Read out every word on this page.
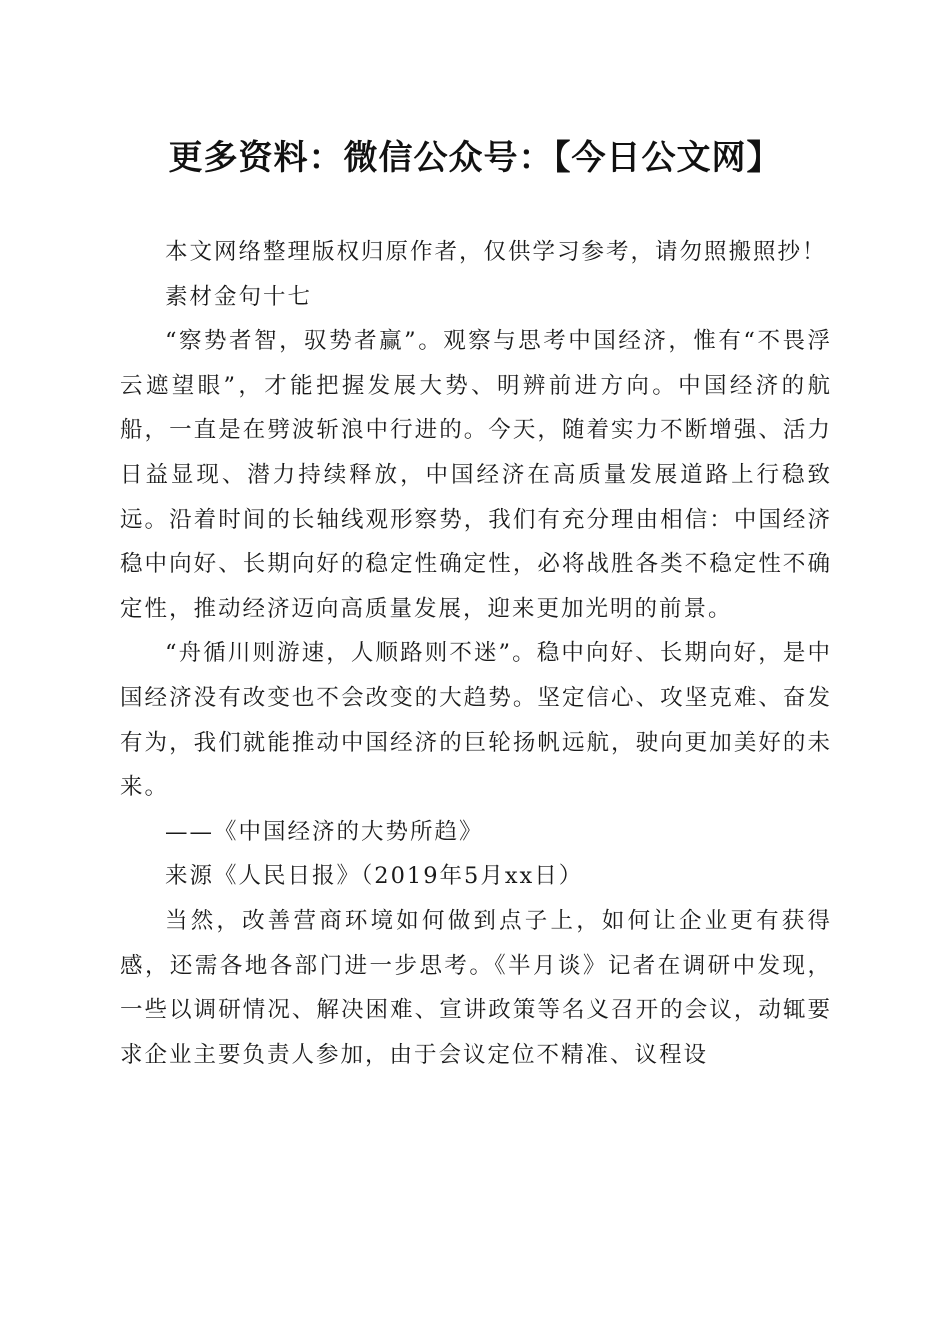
更多资料：微信公众号：【今日公文网】

本文网络整理版权归原作者，仅供学习参考，请勿照搬照抄！

素材金句十七

“察势者智，驭势者赢”。观察与思考中国经济，惟有“不畏浮云遮望眼”，才能把握发展大势、明辨前进方向。中国经济的航船，一直是在劈波斩浪中行进的。今天，随着实力不断增强、活力日益显现、潜力持续释放，中国经济在高质量发展道路上行稳致远。沿着时间的长轴线观形察势，我们有充分理由相信：中国经济稳中向好、长期向好的稳定性确定性，必将战胜各类不稳定性不确定性，推动经济迈向高质量发展，迎来更加光明的前景。

“舟循川则游速，人顺路则不迷”。稳中向好、长期向好，是中国经济没有改变也不会改变的大趋势。坚定信心、攻坚克难、奋发有为，我们就能推动中国经济的巨轮扬帆远航，驶向更加美好的未来。

——《中国经济的大势所趋》

来源《人民日报》（2019年5月xx日）

当然，改善营商环境如何做到点子上，如何让企业更有获得感，还需各地各部门进一步思考。《半月谈》记者在调研中发现，一些以调研情况、解决困难、宣讲政策等名义召开的会议，动辄要求企业主要负责人参加，由于会议定位不精准、议程设
